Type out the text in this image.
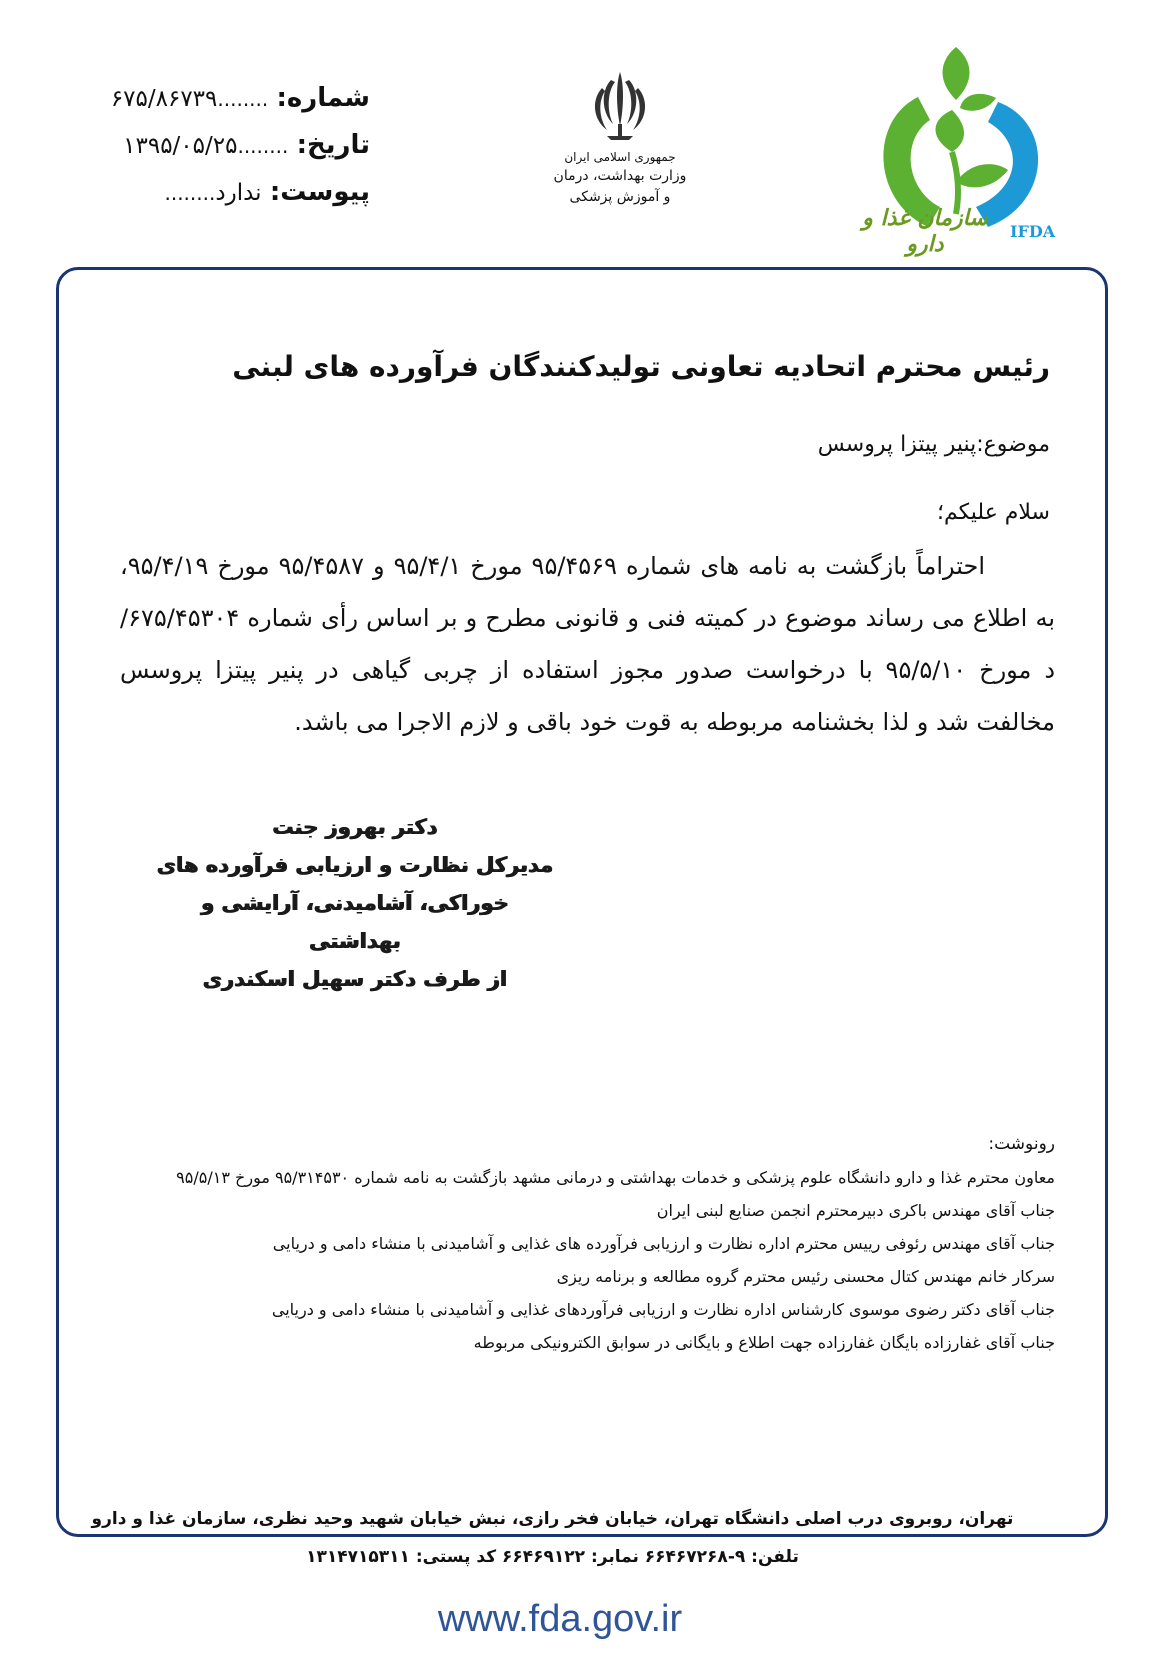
شماره: ........۶۷۵/۸۶۷۳۹
تاریخ: ........۱۳۹۵/۰۵/۲۵
پیوست: ندارد........
جمهوری اسلامی ایران
وزارت بهداشت، درمان
و آموزش پزشکی
سازمان غذا و دارو	IFDA
رئیس محترم اتحادیه تعاونی تولیدکنندگان فرآورده های لبنی
موضوع:پنیر پیتزا پروسس
سلام علیکم؛
احتراماً بازگشت به نامه های شماره ۹۵/۴۵۶۹ مورخ ۹۵/۴/۱ و ۹۵/۴۵۸۷ مورخ ۹۵/۴/۱۹، به اطلاع می رساند موضوع در کمیته فنی و قانونی مطرح و بر اساس رأی شماره ۶۷۵/۴۵۳۰۴/د مورخ ۹۵/۵/۱۰ با درخواست صدور مجوز استفاده از چربی گیاهی در پنیر پیتزا پروسس مخالفت شد و لذا بخشنامه مربوطه به قوت خود باقی و لازم الاجرا می باشد.
دکتر بهروز جنت
مدیرکل نظارت و ارزیابی فرآورده های
خوراکی، آشامیدنی، آرایشی و بهداشتی
از طرف دکتر سهیل اسکندری
رونوشت:
معاون محترم غذا و دارو دانشگاه علوم پزشکی و خدمات بهداشتی و درمانی مشهد بازگشت به نامه شماره ۹۵/۳۱۴۵۳۰ مورخ ۹۵/۵/۱۳
جناب آقای مهندس باکری دبیرمحترم انجمن صنایع لبنی ایران
جناب آقای مهندس رئوفی رییس محترم اداره نظارت و ارزیابی فرآورده های غذایی و آشامیدنی با منشاء دامی و دریایی
سرکار خانم مهندس کتال محسنی رئیس محترم گروه مطالعه و برنامه ریزی
جناب آقای دکتر رضوی موسوی کارشناس اداره نظارت و ارزیابی فرآوردهای غذایی و آشامیدنی با منشاء دامی و دریایی
جناب آقای غفارزاده بایگان غفارزاده جهت اطلاع و بایگانی در سوابق الکترونیکی مربوطه
تهران، روبروی درب اصلی دانشگاه تهران، خیابان فخر رازی، نبش خیابان شهید وحید نظری، سازمان غذا و دارو
تلفن: ۹-۶۶۴۶۷۲۶۸ نمابر: ۶۶۴۶۹۱۲۲ کد پستی: ۱۳۱۴۷۱۵۳۱۱
www.fda.gov.ir
